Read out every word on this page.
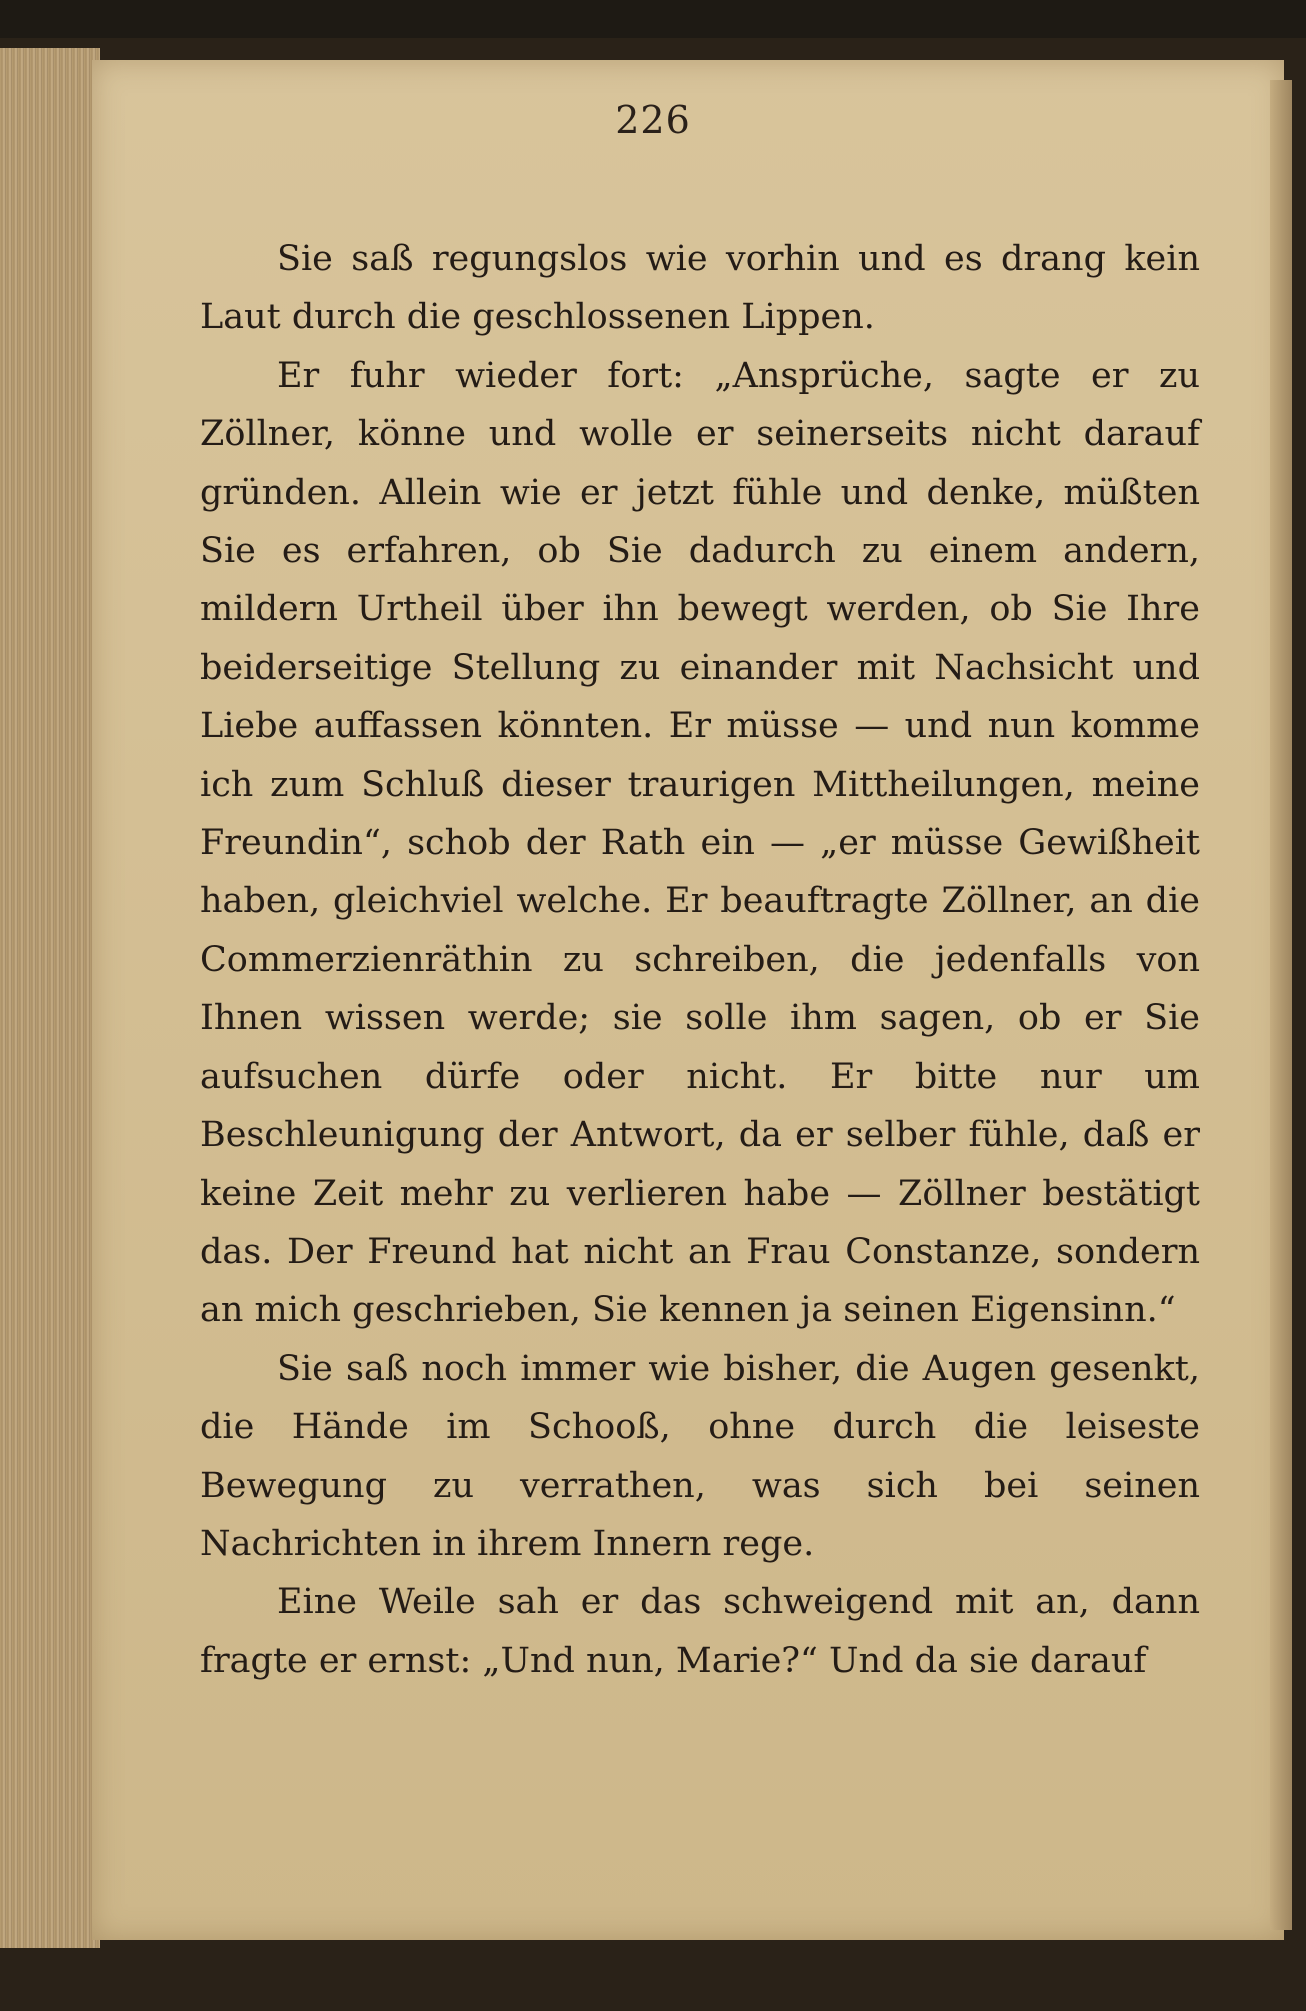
226

Sie saß regungslos wie vorhin und es drang kein Laut durch die geschlossenen Lippen.

Er fuhr wieder fort: „Ansprüche, sagte er zu Zöllner, könne und wolle er seinerseits nicht darauf gründen. Allein wie er jetzt fühle und denke, müßten Sie es erfahren, ob Sie dadurch zu einem andern, mildern Urtheil über ihn bewegt werden, ob Sie Ihre beiderseitige Stellung zu einander mit Nachsicht und Liebe auffassen könnten. Er müsse — und nun komme ich zum Schluß dieser traurigen Mittheilungen, meine Freundin“, schob der Rath ein — „er müsse Gewißheit haben, gleichviel welche. Er beauftragte Zöllner, an die Commerzienräthin zu schreiben, die jedenfalls von Ihnen wissen werde; sie solle ihm sagen, ob er Sie aufsuchen dürfe oder nicht. Er bitte nur um Beschleunigung der Antwort, da er selber fühle, daß er keine Zeit mehr zu verlieren habe — Zöllner bestätigt das. Der Freund hat nicht an Frau Constanze, sondern an mich geschrieben, Sie kennen ja seinen Eigensinn.“

Sie saß noch immer wie bisher, die Augen gesenkt, die Hände im Schooß, ohne durch die leiseste Bewegung zu verrathen, was sich bei seinen Nachrichten in ihrem Innern rege.

Eine Weile sah er das schweigend mit an, dann fragte er ernst: „Und nun, Marie?“ Und da sie darauf
